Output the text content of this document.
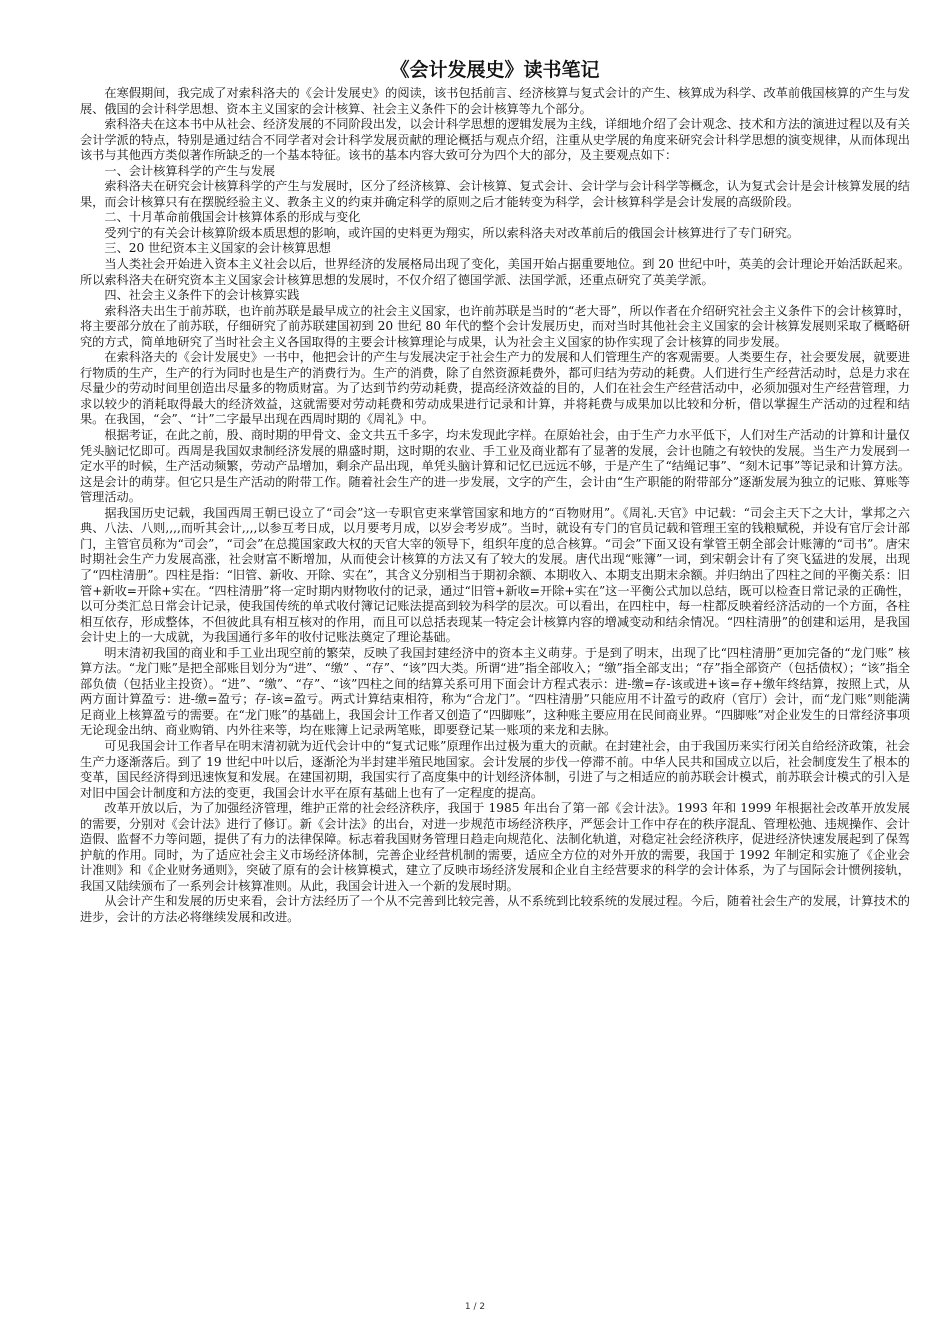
《会计发展史》读书笔记

在寒假期间，我完成了对索科洛夫的《会计发展史》的阅读，该书包括前言、经济核算与复式会计的产生、核算成为科学、改革前俄国核算的产生与发展、俄国的会计科学思想、资本主义国家的会计核算、社会主义条件下的会计核算等九个部分。

索科洛夫在这本书中从社会、经济发展的不同阶段出发，以会计科学思想的逻辑发展为主线，详细地介绍了会计观念、技术和方法的演进过程以及有关会计学派的特点，特别是通过结合不同学者对会计科学发展贡献的理论概括与观点介绍，注重从史学展的角度来研究会计科学思想的演变规律，从而体现出该书与其他西方类似著作所缺乏的一个基本特征。该书的基本内容大致可分为四个大的部分，及主要观点如下：

一、会计核算科学的产生与发展

索科洛夫在研究会计核算科学的产生与发展时，区分了经济核算、会计核算、复式会计、会计学与会计科学等概念，认为复式会计是会计核算发展的结果，而会计核算只有在摆脱经验主义、教条主义的约束并确定科学的原则之后才能转变为科学，会计核算科学是会计发展的高级阶段。

二、十月革命前俄国会计核算体系的形成与变化

受列宁的有关会计核算阶级本质思想的影响，或许国的史料更为翔实，所以索科洛夫对改革前后的俄国会计核算进行了专门研究。

三、20 世纪资本主义国家的会计核算思想

当人类社会开始进入资本主义社会以后，世界经济的发展格局出现了变化，美国开始占据重要地位。到 20 世纪中叶，英美的会计理论开始活跃起来。所以索科洛夫在研究资本主义国家会计核算思想的发展时，不仅介绍了德国学派、法国学派，还重点研究了英美学派。

四、社会主义条件下的会计核算实践

索科洛夫出生于前苏联，也许前苏联是最早成立的社会主义国家，也许前苏联是当时的“老大哥”，所以作者在介绍研究社会主义条件下的会计核算时，将主要部分放在了前苏联，仔细研究了前苏联建国初到 20 世纪 80 年代的整个会计发展历史，而对当时其他社会主义国家的会计核算发展则采取了概略研究的方式，简单地研究了当时社会主义各国取得的主要会计核算理论与成果，认为社会主义国家的协作实现了会计核算的同步发展。

在索科洛夫的《会计发展史》一书中，他把会计的产生与发展决定于社会生产力的发展和人们管理生产的客观需要。人类要生存，社会要发展，就要进行物质的生产，生产的行为同时也是生产的消费行为。生产的消费，除了自然资源耗费外，都可归结为劳动的耗费。人们进行生产经营活动时，总是力求在尽量少的劳动时间里创造出尽量多的物质财富。为了达到节约劳动耗费，提高经济效益的目的，人们在社会生产经营活动中，必须加强对生产经营管理，力求以较少的消耗取得最大的经济效益，这就需要对劳动耗费和劳动成果进行记录和计算，并将耗费与成果加以比较和分析，借以掌握生产活动的过程和结果。在我国，“会”、“计”二字最早出现在西周时期的《周礼》中。

根据考证，在此之前，殷、商时期的甲骨文、金文共五千多字，均未发现此字样。在原始社会，由于生产力水平低下，人们对生产活动的计算和计量仅凭头脑记忆即可。西周是我国奴隶制经济发展的鼎盛时期，这时期的农业、手工业及商业都有了显著的发展，会计也随之有较快的发展。当生产力发展到一定水平的时候，生产活动频繁，劳动产品增加，剩余产品出现，单凭头脑计算和记忆已远远不够，于是产生了“结绳记事”、“刻木记事”等记录和计算方法。这是会计的萌芽。但它只是生产活动的附带工作。随着社会生产的进一步发展，文字的产生，会计由“生产职能的附带部分”逐渐发展为独立的记账、算账等管理活动。

据我国历史记载，我国西周王朝已设立了“司会”这一专职官吏来掌管国家和地方的“百物财用”。《周礼.天官》中记载：“司会主天下之大计，掌邦之六典、八法、八则,,,,而听其会计,,,,以参互考日成，以月要考月成，以岁会考岁成”。当时，就设有专门的官员记载和管理王室的钱粮赋税，并设有官厅会计部门，主管官员称为“司会”，“司会”在总揽国家政大权的天官大宰的领导下，组织年度的总合核算。“司会”下面又设有掌管王朝全部会计账簿的“司书”。唐宋时期社会生产力发展高涨，社会财富不断增加，从而使会计核算的方法又有了较大的发展。唐代出现“账簿”一词，到宋朝会计有了突飞猛进的发展，出现了“四柱清册”。四柱是指：“旧管、新收、开除、实在”，其含义分别相当于期初余额、本期收入、本期支出期末余额。并归纳出了四柱之间的平衡关系：旧管+新收=开除+实在。“四柱清册”将一定时期内财物收付的记录，通过“旧管+新收=开除+实在”这一平衡公式加以总结，既可以检查日常记录的正确性，以可分类汇总日常会计记录，使我国传统的单式收付簿记记账法提高到较为科学的层次。可以看出，在四柱中，每一柱都反映着经济活动的一个方面，各柱相互依存，形成整体，不但彼此具有相互核对的作用，而且可以总括表现某一特定会计核算内容的增减变动和结余情况。“四柱清册”的创建和运用，是我国会计史上的一大成就，为我国通行多年的收付记账法奠定了理论基础。

明末清初我国的商业和手工业出现空前的繁荣，反映了我国封建经济中的资本主义萌芽。于是到了明末，出现了比“四柱清册”更加完备的“龙门账” 核算方法。“龙门账”是把全部账目划分为“进”、“缴” 、“存”、“该”四大类。所谓“进”指全部收入；“缴”指全部支出；“存”指全部资产（包括债权）；“该”指全部负债（包括业主投资）。“进”、“缴”、“存”、“该”四柱之间的结算关系可用下面会计方程式表示：进-缴=存-该或进+该=存+缴年终结算，按照上式，从两方面计算盈亏：进-缴=盈亏；存-该=盈亏。两式计算结束相符，称为“合龙门”。“四柱清册”只能应用不计盈亏的政府（官厅）会计，而“龙门账”则能满足商业上核算盈亏的需要。在“龙门账”的基础上，我国会计工作者又创造了“四脚账”，这种账主要应用在民间商业界。“四脚账”对企业发生的日常经济事项无论现金出纳、商业购销、内外往来等，均在账簿上记录两笔账，即要登记某一账项的来龙和去脉。

可见我国会计工作者早在明末清初就为近代会计中的“复式记账”原理作出过极为重大的贡献。在封建社会，由于我国历来实行闭关自给经济政策，社会生产力逐渐落后。到了 19 世纪中叶以后，逐渐沦为半封建半殖民地国家。会计发展的步伐一停滞不前。中华人民共和国成立以后，社会制度发生了根本的变革，国民经济得到迅速恢复和发展。在建国初期，我国实行了高度集中的计划经济体制，引进了与之相适应的前苏联会计模式，前苏联会计模式的引入是对旧中国会计制度和方法的变更，我国会计水平在原有基础上也有了一定程度的提高。

改革开放以后，为了加强经济管理，维护正常的社会经济秩序，我国于 1985 年出台了第一部《会计法》。1993 年和 1999 年根据社会改革开放发展的需要，分别对《会计法》进行了修订。新《会计法》的出台，对进一步规范市场经济秩序，严惩会计工作中存在的秩序混乱、管理松弛、违规操作、会计造假、监督不力等问题，提供了有力的法律保障。标志着我国财务管理日趋走向规范化、法制化轨道，对稳定社会经济秩序，促进经济快速发展起到了保驾护航的作用。同时，为了适应社会主义市场经济体制，完善企业经营机制的需要，适应全方位的对外开放的需要，我国于 1992 年制定和实施了《企业会计准则》和《企业财务通则》，突破了原有的会计核算模式，建立了反映市场经济发展和企业自主经营要求的科学的会计体系，为了与国际会计惯例接轨，我国又陆续颁布了一系列会计核算准则。从此，我国会计进入一个新的发展时期。

从会计产生和发展的历史来看，会计方法经历了一个从不完善到比较完善，从不系统到比较系统的发展过程。今后，随着社会生产的发展，计算技术的进步，会计的方法必将继续发展和改进。

1 / 2
